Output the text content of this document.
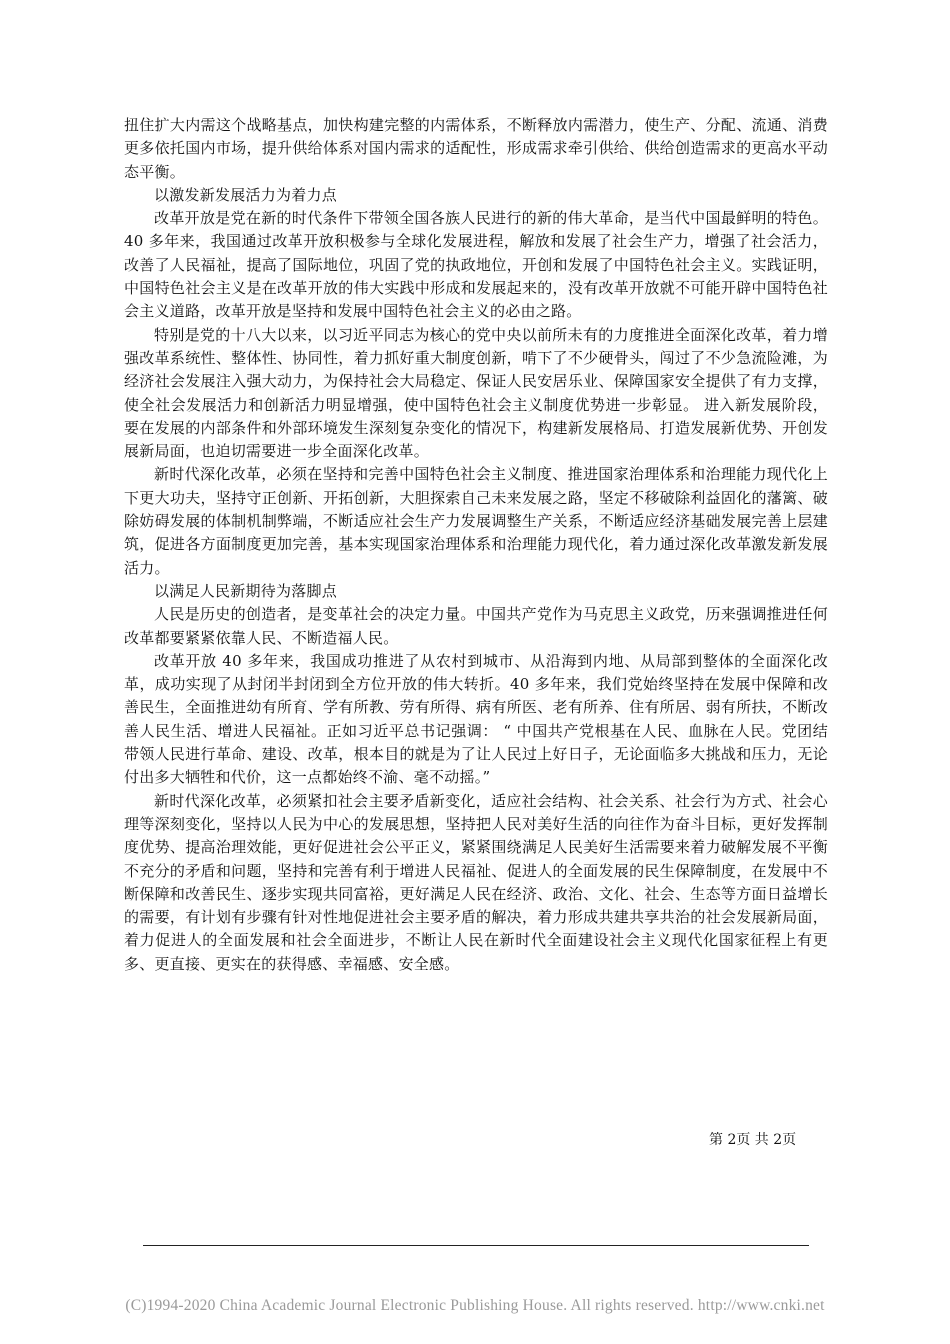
扭住扩大内需这个战略基点，加快构建完整的内需体系，不断释放内需潜力，使生产、分配、流通、消费更多依托国内市场，提升供给体系对国内需求的适配性，形成需求牵引供给、供给创造需求的更高水平动态平衡。

以激发新发展活力为着力点

改革开放是党在新的时代条件下带领全国各族人民进行的新的伟大革命，是当代中国最鲜明的特色。40 多年来，我国通过改革开放积极参与全球化发展进程，解放和发展了社会生产力，增强了社会活力，改善了人民福祉，提高了国际地位，巩固了党的执政地位，开创和发展了中国特色社会主义。实践证明，中国特色社会主义是在改革开放的伟大实践中形成和发展起来的，没有改革开放就不可能开辟中国特色社会主义道路，改革开放是坚持和发展中国特色社会主义的必由之路。

特别是党的十八大以来，以习近平同志为核心的党中央以前所未有的力度推进全面深化改革，着力增强改革系统性、整体性、协同性，着力抓好重大制度创新，啃下了不少硬骨头，闯过了不少急流险滩，为经济社会发展注入强大动力，为保持社会大局稳定、保证人民安居乐业、保障国家安全提供了有力支撑，使全社会发展活力和创新活力明显增强，使中国特色社会主义制度优势进一步彰显。 进入新发展阶段， 要在发展的内部条件和外部环境发生深刻复杂变化的情况下，构建新发展格局、打造发展新优势、开创发展新局面，也迫切需要进一步全面深化改革。

新时代深化改革，必须在坚持和完善中国特色社会主义制度、推进国家治理体系和治理能力现代化上下更大功夫，坚持守正创新、开拓创新，大胆探索自己未来发展之路，坚定不移破除利益固化的藩篱、破除妨碍发展的体制机制弊端，不断适应社会生产力发展调整生产关系，不断适应经济基础发展完善上层建筑，促进各方面制度更加完善，基本实现国家治理体系和治理能力现代化，着力通过深化改革激发新发展活力。

以满足人民新期待为落脚点

人民是历史的创造者，是变革社会的决定力量。中国共产党作为马克思主义政党，历来强调推进任何改革都要紧紧依靠人民、不断造福人民。

改革开放 40 多年来，我国成功推进了从农村到城市、从沿海到内地、从局部到整体的全面深化改革，成功实现了从封闭半封闭到全方位开放的伟大转折。40 多年来，我们党始终坚持在发展中保障和改善民生，全面推进幼有所育、学有所教、劳有所得、病有所医、老有所养、住有所居、弱有所扶，不断改善人民生活、增进人民福祉。正如习近平总书记强调： “ 中国共产党根基在人民、血脉在人民。党团结带领人民进行革命、建设、改革，根本目的就是为了让人民过上好日子，无论面临多大挑战和压力，无论付出多大牺牲和代价，这一点都始终不渝、毫不动摇。”

新时代深化改革，必须紧扣社会主要矛盾新变化，适应社会结构、社会关系、社会行为方式、社会心理等深刻变化，坚持以人民为中心的发展思想，坚持把人民对美好生活的向往作为奋斗目标，更好发挥制度优势、提高治理效能，更好促进社会公平正义，紧紧围绕满足人民美好生活需要来着力破解发展不平衡不充分的矛盾和问题，坚持和完善有利于增进人民福祉、促进人的全面发展的民生保障制度，在发展中不断保障和改善民生、逐步实现共同富裕，更好满足人民在经济、政治、文化、社会、生态等方面日益增长的需要，有计划有步骤有针对性地促进社会主要矛盾的解决，着力形成共建共享共治的社会发展新局面，着力促进人的全面发展和社会全面进步，不断让人民在新时代全面建设社会主义现代化国家征程上有更多、更直接、更实在的获得感、幸福感、安全感。

第 2页 共 2页
(C)1994-2020 China Academic Journal Electronic Publishing House. All rights reserved. http://www.cnki.net
